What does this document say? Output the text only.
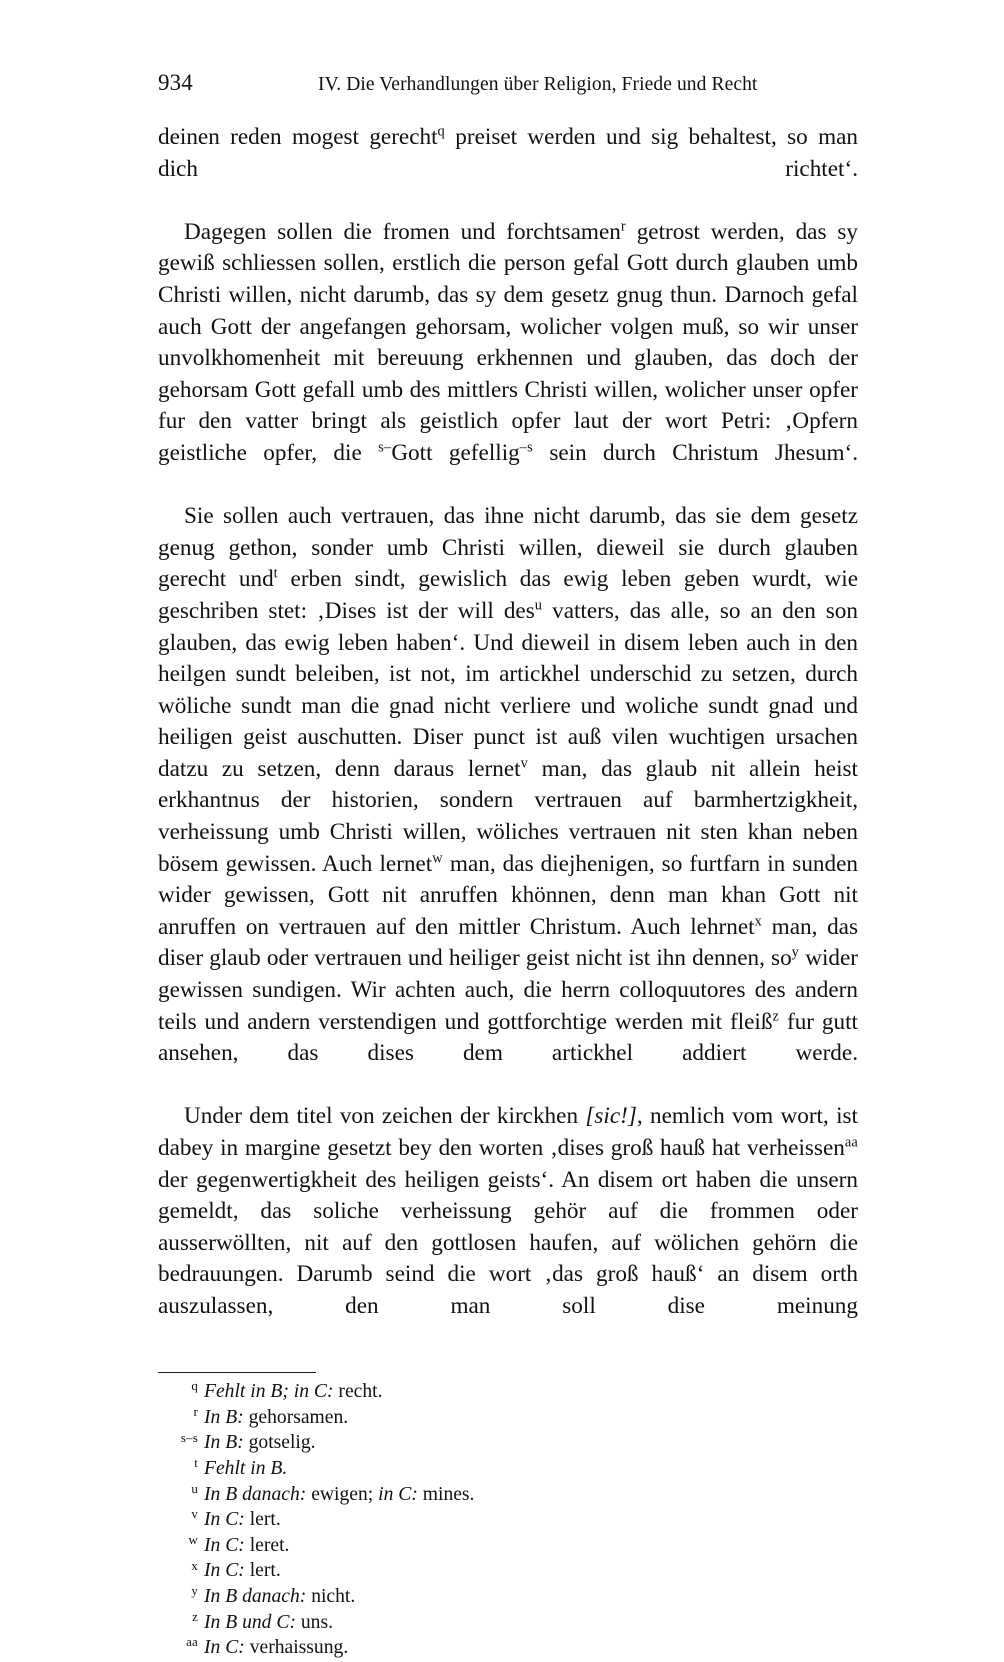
934	IV. Die Verhandlungen über Religion, Friede und Recht

deinen reden mogest gerecht$^q$ preiset werden und sig behaltest, so man dich richtet‘.

Dagegen sollen die fromen und forchtsamen$^r$ getrost werden, das sy gewiß schliessen sollen, erstlich die person gefal Gott durch glauben umb Christi willen, nicht darumb, das sy dem gesetz gnug thun. Darnoch gefal auch Gott der angefangen gehorsam, wolicher volgen muß, so wir unser unvolkhomenheit mit bereuung erkhennen und glauben, das doch der gehorsam Gott gefall umb des mittlers Christi willen, wolicher unser opfer fur den vatter bringt als geistlich opfer laut der wort Petri: ‚Opfern geistliche opfer, die $^{s-}$Gott gefellig$^{-s}$ sein durch Christum Jhesum‘.

Sie sollen auch vertrauen, das ihne nicht darumb, das sie dem gesetz genug gethon, sonder umb Christi willen, dieweil sie durch glauben gerecht und$^t$ erben sindt, gewislich das ewig leben geben wurdt, wie geschriben stet: ‚Dises ist der will des$^u$ vatters, das alle, so an den son glauben, das ewig leben haben‘. Und dieweil in disem leben auch in den heilgen sundt beleiben, ist not, im artickhel underschid zu setzen, durch wöliche sundt man die gnad nicht verliere und woliche sundt gnad und heiligen geist auschutten. Diser punct ist auß vilen wuchtigen ursachen datzu zu setzen, denn daraus lernet$^v$ man, das glaub nit allein heist erkhantnus der historien, sondern vertrauen auf barmhertzigkheit, verheissung umb Christi willen, wöliches vertrauen nit sten khan neben bösem gewissen. Auch lernet$^w$ man, das diejhenigen, so furtfarn in sunden wider gewissen, Gott nit anruffen khönnen, denn man khan Gott nit anruffen on vertrauen auf den mittler Christum. Auch lehrnet$^x$ man, das diser glaub oder vertrauen und heiliger geist nicht ist ihn dennen, so$^y$ wider gewissen sundigen. Wir achten auch, die herrn colloquutores des andern teils und andern verstendigen und gottforchtige werden mit fleiß$^z$ fur gutt ansehen, das dises dem artickhel addiert werde.

Under dem titel von zeichen der kirckhen [sic!], nemlich vom wort, ist dabey in margine gesetzt bey den worten ‚dises groß hauß hat verheissen$^{aa}$ der gegenwertigkheit des heiligen geists‘. An disem ort haben die unsern gemeldt, das soliche verheissung gehör auf die frommen oder ausserwöllten, nit auf den gottlosen haufen, auf wölichen gehörn die bedrauungen. Darumb seind die wort ‚das groß hauß‘ an disem orth auszulassen, den man soll dise meinung

q Fehlt in B; in C: recht.
r In B: gehorsamen.
s–s In B: gotselig.
t Fehlt in B.
u In B danach: ewigen; in C: mines.
v In C: lert.
w In C: leret.
x In C: lert.
y In B danach: nicht.
z In B und C: uns.
aa In C: verhaissung.
